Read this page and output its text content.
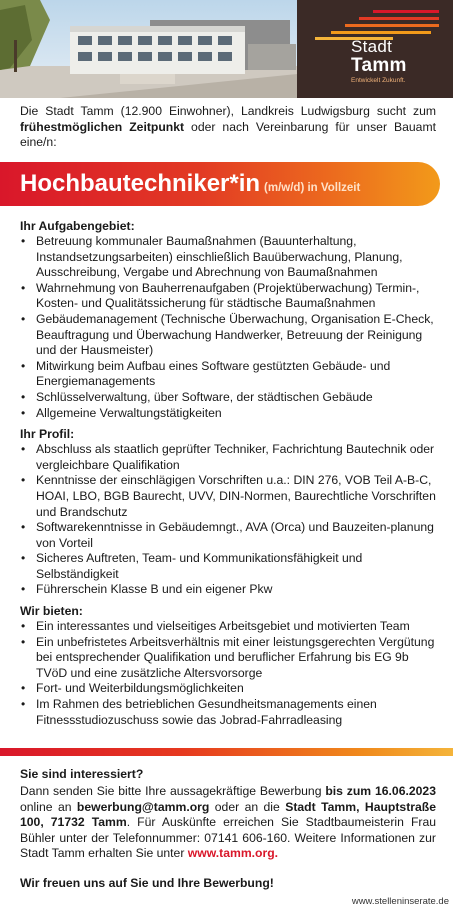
Stadt
Tamm
Entwickelt Zukunft.
Die Stadt Tamm (12.900 Einwohner), Landkreis Ludwigsburg sucht zum frühestmöglichen Zeitpunkt oder nach Vereinbarung für unser Bauamt eine/n:
Hochbautechniker*in (m/w/d) in Vollzeit
Ihr Aufgabengebiet:
• Betreuung kommunaler Baumaßnahmen (Bauunterhaltung, Instandsetzungsarbeiten) einschließlich Bauüberwachung, Planung, Ausschreibung, Vergabe und Abrechnung von Baumaßnahmen
• Wahrnehmung von Bauherrenaufgaben (Projektüberwachung) Termin-, Kosten- und Qualitätssicherung für städtische Baumaßnahmen
• Gebäudemanagement (Technische Überwachung, Organisation E-Check, Beauftragung und Überwachung Handwerker, Betreuung der Reinigung und der Hausmeister)
• Mitwirkung beim Aufbau eines Software gestützten Gebäude- und Energiemanagements
• Schlüsselverwaltung, über Software, der städtischen Gebäude
• Allgemeine Verwaltungstätigkeiten
Ihr Profil:
• Abschluss als staatlich geprüfter Techniker, Fachrichtung Bautechnik oder vergleichbare Qualifikation
• Kenntnisse der einschlägigen Vorschriften u.a.: DIN 276, VOB Teil A-B-C, HOAI, LBO, BGB Baurecht, UVV, DIN-Normen, Baurechtliche Vorschriften und Brandschutz
• Softwarekenntnisse in Gebäudemngt., AVA (Orca) und Bauzeiten-planung von Vorteil
• Sicheres Auftreten, Team- und Kommunikationsfähigkeit und Selbständigkeit
• Führerschein Klasse B und ein eigener Pkw
Wir bieten:
• Ein interessantes und vielseitiges Arbeitsgebiet und motivierten Team
• Ein unbefristetes Arbeitsverhältnis mit einer leistungsgerechten Vergütung bei entsprechender Qualifikation und beruflicher Erfahrung bis EG 9b TVöD und eine zusätzliche Altersvorsorge
• Fort- und Weiterbildungsmöglichkeiten
• Im Rahmen des betrieblichen Gesundheitsmanagements einen Fitnessstudiozuschuss sowie das Jobrad-Fahrradleasing
Sie sind interessiert?

Dann senden Sie bitte Ihre aussagekräftige Bewerbung bis zum 16.06.2023 online an bewerbung@tamm.org oder an die Stadt Tamm, Hauptstraße 100, 71732 Tamm. Für Auskünfte erreichen Sie Stadtbaumeisterin Frau Bühler unter der Telefonnummer: 07141 606-160. Weitere Informationen zur Stadt Tamm erhalten Sie unter www.tamm.org.

Wir freuen uns auf Sie und Ihre Bewerbung!
www.stelleninserate.de
